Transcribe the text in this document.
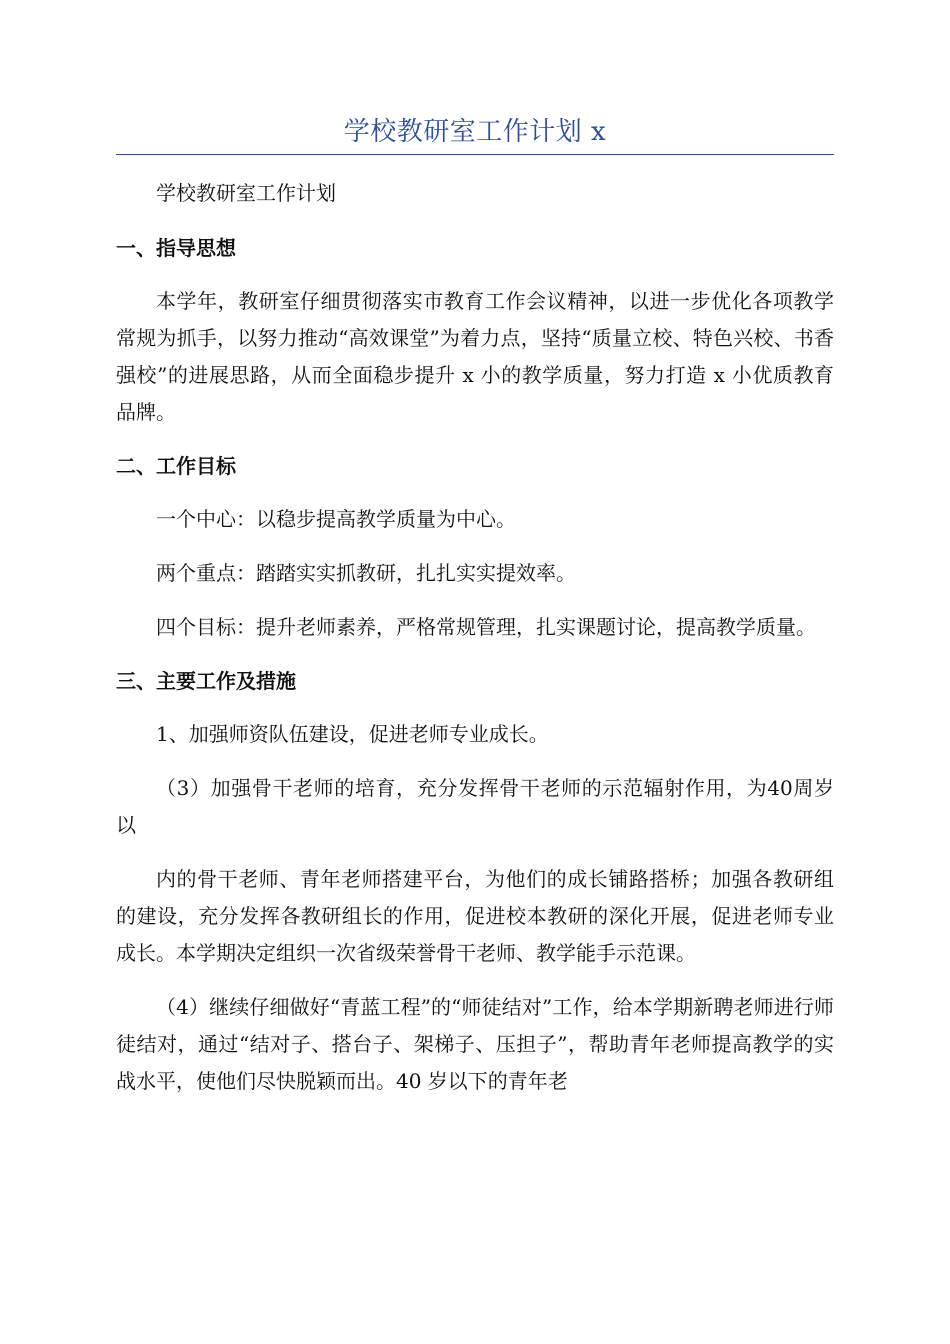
学校教研室工作计划 x

学校教研室工作计划

一、指导思想

本学年，教研室仔细贯彻落实市教育工作会议精神，以进一步优化各项教学常规为抓手，以努力推动“高效课堂”为着力点，坚持“质量立校、特色兴校、书香强校”的进展思路，从而全面稳步提升 x 小的教学质量，努力打造 x 小优质教育品牌。

二、工作目标

一个中心：以稳步提高教学质量为中心。

两个重点：踏踏实实抓教研，扎扎实实提效率。

四个目标：提升老师素养，严格常规管理，扎实课题讨论，提高教学质量。

三、主要工作及措施

1、加强师资队伍建设，促进老师专业成长。

（3）加强骨干老师的培育，充分发挥骨干老师的示范辐射作用，为40周岁以

内的骨干老师、青年老师搭建平台，为他们的成长铺路搭桥；加强各教研组的建设，充分发挥各教研组长的作用，促进校本教研的深化开展，促进老师专业成长。本学期决定组织一次省级荣誉骨干老师、教学能手示范课。

（4）继续仔细做好“青蓝工程”的“师徒结对”工作，给本学期新聘老师进行师徒结对，通过“结对子、搭台子、架梯子、压担子”，帮助青年老师提高教学的实战水平，使他们尽快脱颖而出。40 岁以下的青年老
